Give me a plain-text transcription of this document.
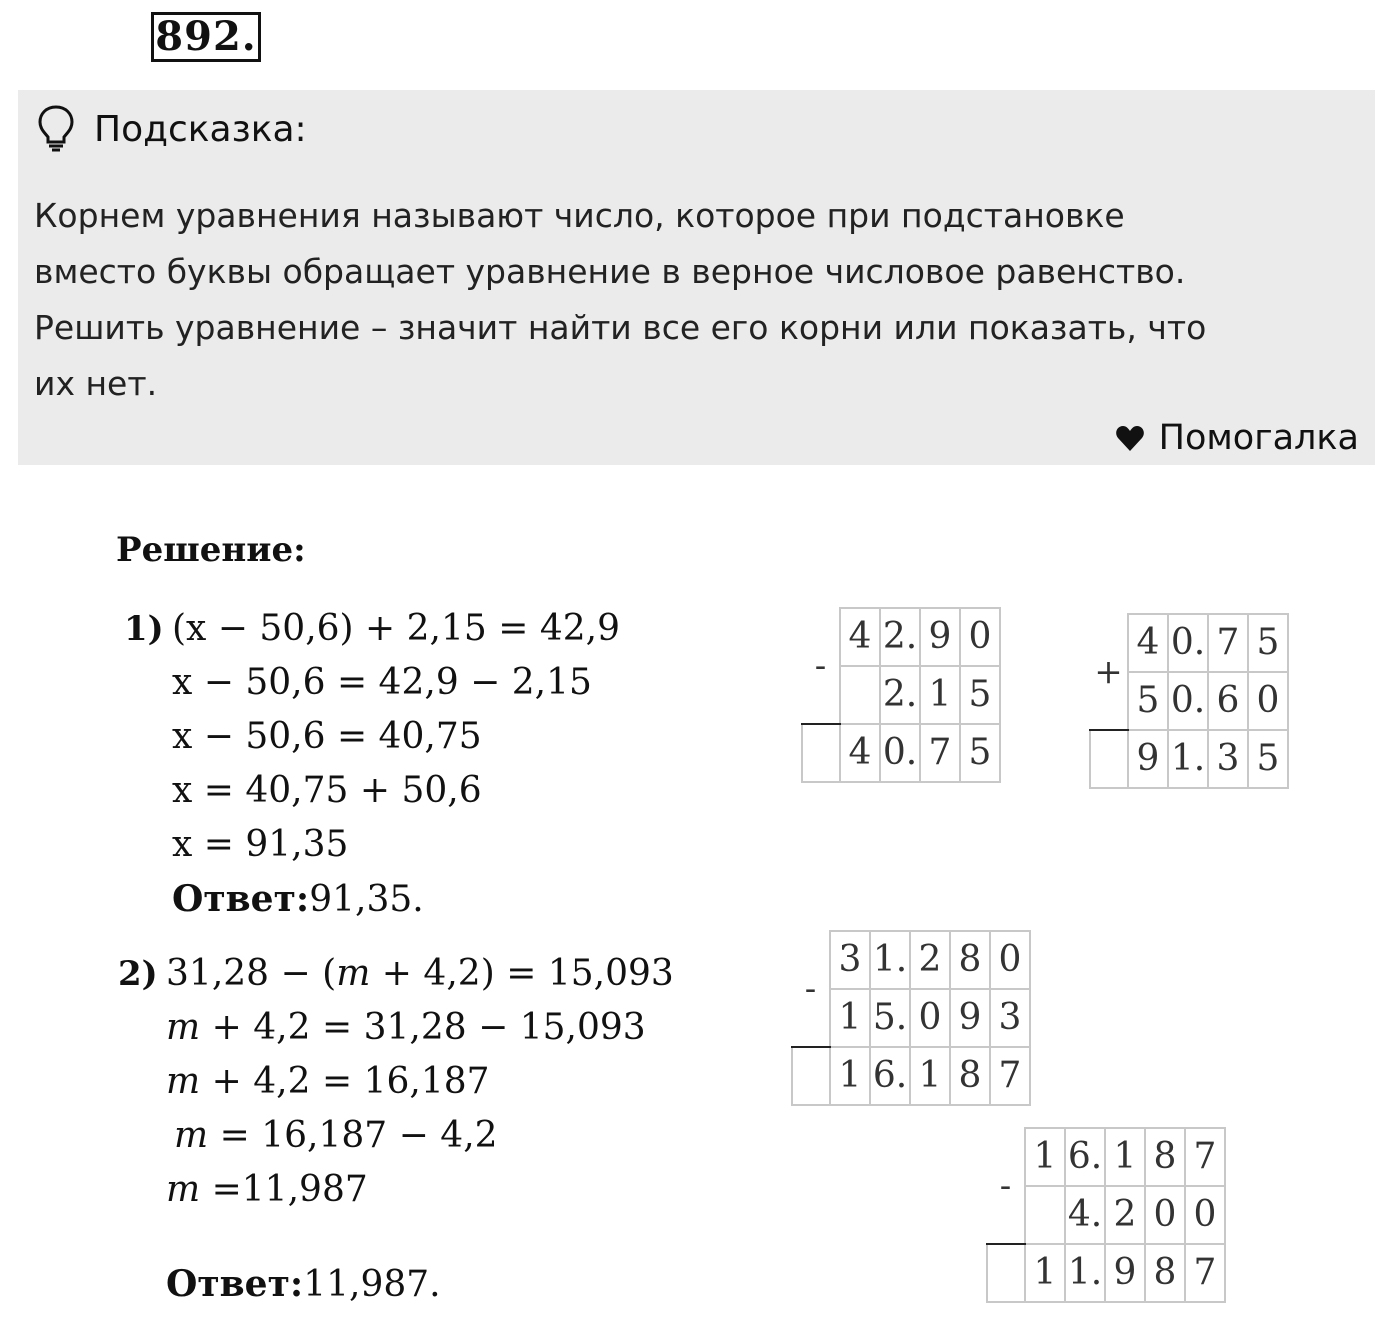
892.
Подсказка:
Корнем уравнения называют число, которое при подстановке
вместо буквы обращает уравнение в верное числовое равенство.
Решить уравнение – значит найти все его корни или показать, что
их нет.
Помогалка
Решение:
1) (x − 50,6) + 2,15 = 42,9
x − 50,6 = 42,9 − 2,15
x − 50,6 = 40,75
x = 40,75 + 50,6
x = 91,35
Ответ:91,35.
2) 31,28 − (m + 4,2) = 15,093
m + 4,2 = 31,28 − 15,093
m + 4,2 = 16,187
m = 16,187 − 4,2
m =11,987
Ответ:11,987.
-	4	2.	9	0
		2.	1	5
	4	0.	7	5
+	4	0.	7	5
	5	0.	6	0
	9	1.	3	5
-	3	1.	2	8	0
	1	5.	0	9	3
	1	6.	1	8	7
-	1	6.	1	8	7
		4.	2	0	0
	1	1.	9	8	7
